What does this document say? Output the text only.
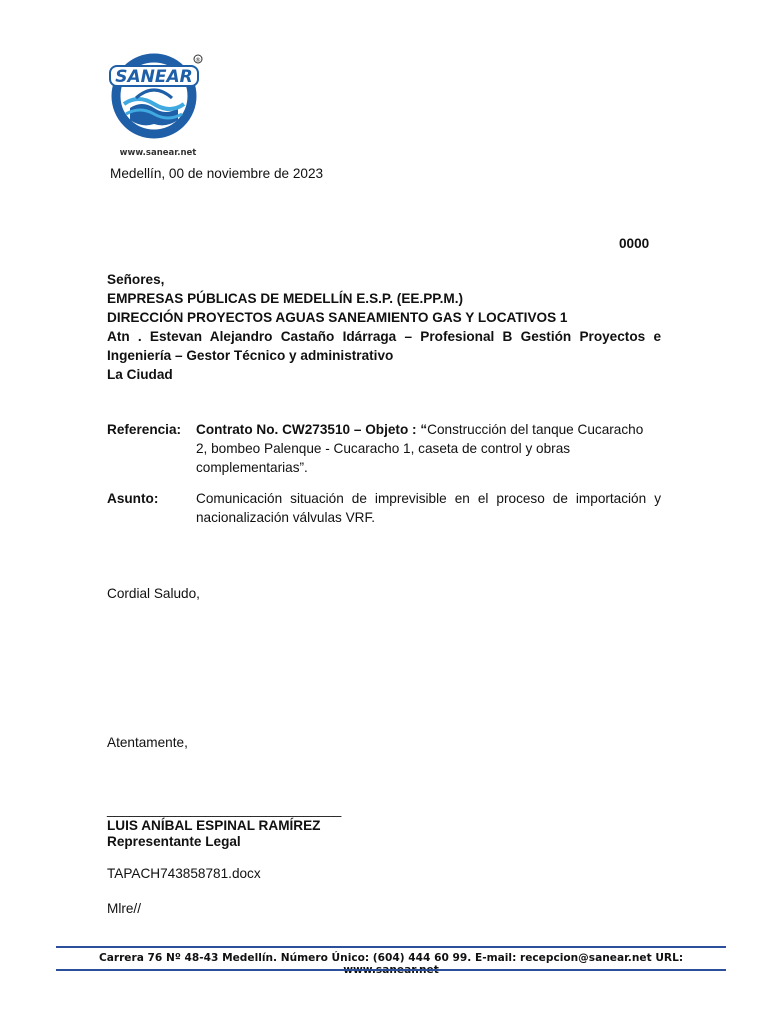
SANEAR
®
www.sanear.net
Medellín, 00 de noviembre de 2023
0000
Señores,
EMPRESAS PÚBLICAS DE MEDELLÍN E.S.P. (EE.PP.M.)
DIRECCIÓN PROYECTOS AGUAS SANEAMIENTO GAS Y LOCATIVOS 1
Atn . Estevan Alejandro Castaño Idárraga – Profesional B Gestión Proyectos e
Ingeniería – Gestor Técnico y administrativo
La Ciudad
Referencia: Contrato No. CW273510 – Objeto : “Construcción del tanque Cucaracho
2, bombeo Palenque - Cucaracho 1, caseta de control y obras
complementarias”.
Asunto:	Comunicación situación de imprevisible en el proceso de importación y
nacionalización válvulas VRF.
Cordial Saludo,
Atentamente,
_______________________________
LUIS ANÍBAL ESPINAL RAMÍREZ
Representante Legal
TAPACH743858781.docx
Mlre//
Carrera 76 Nº 48-43 Medellín. Número Único: (604) 444 60 99. E-mail: recepcion@sanear.net URL:
